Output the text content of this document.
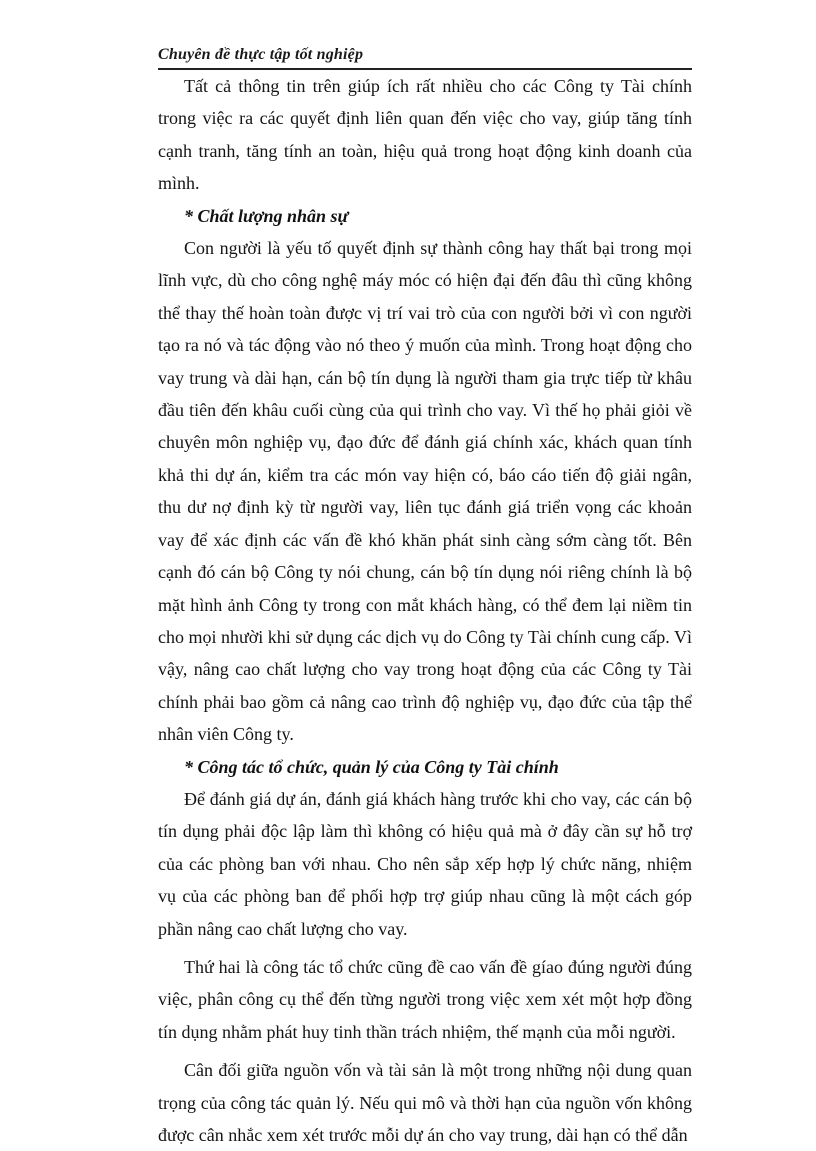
Chuyên đề thực tập tốt nghiệp

Tất cả thông tin trên giúp ích rất nhiều cho các Công ty Tài chính trong việc ra các quyết định liên quan đến việc cho vay, giúp tăng tính cạnh tranh, tăng tính an toàn, hiệu quả trong hoạt động kinh doanh của mình.

* Chất lượng nhân sự

Con người là yếu tố quyết định sự thành công hay thất bại trong mọi lĩnh vực, dù cho công nghệ máy móc có hiện đại đến đâu thì cũng không thể thay thế hoàn toàn được vị trí vai trò của con người bởi vì con người tạo ra nó và tác động vào nó theo ý muốn của mình. Trong hoạt động cho vay trung và dài hạn, cán bộ tín dụng là người tham gia trực tiếp từ khâu đầu tiên đến khâu cuối cùng của qui trình cho vay. Vì thế họ phải giỏi về chuyên môn nghiệp vụ, đạo đức để đánh giá chính xác, khách quan tính khả thi dự án, kiểm tra các món vay hiện có, báo cáo tiến độ giải ngân, thu dư nợ định kỳ từ người vay, liên tục đánh giá triển vọng các khoản vay để xác định các vấn đề khó khăn phát sinh càng sớm càng tốt. Bên cạnh đó cán bộ Công ty nói chung, cán bộ tín dụng nói riêng chính là bộ mặt hình ảnh Công ty trong con mắt khách hàng, có thể đem lại niềm tin cho mọi nhười khi sử dụng các dịch vụ do Công ty Tài chính cung cấp. Vì vậy, nâng cao chất lượng cho vay trong hoạt động của các Công ty Tài chính phải bao gồm cả nâng cao trình độ nghiệp vụ, đạo đức của tập thể nhân viên Công ty.

* Công tác tổ chức, quản lý của Công ty Tài chính

Để đánh giá dự án, đánh giá khách hàng trước khi cho vay, các cán bộ tín dụng phải độc lập làm thì không có hiệu quả mà ở đây cần sự hỗ trợ của các phòng ban với nhau. Cho nên sắp xếp hợp lý chức năng, nhiệm vụ của các phòng ban để phối hợp trợ giúp nhau cũng là một cách góp phần nâng cao chất lượng cho vay.

Thứ hai là công tác tổ chức cũng đề cao vấn đề gíao đúng người đúng việc, phân công cụ thể đến từng người trong việc xem xét một hợp đồng tín dụng nhằm phát huy tinh thần trách nhiệm, thế mạnh của mỗi người.

Cân đối giữa nguồn vốn và tài sản là một trong những nội dung quan trọng của công tác quản lý. Nếu qui mô và thời hạn của nguồn vốn không được cân nhắc xem xét trước mỗi dự án cho vay trung, dài hạn có thể dẫn
